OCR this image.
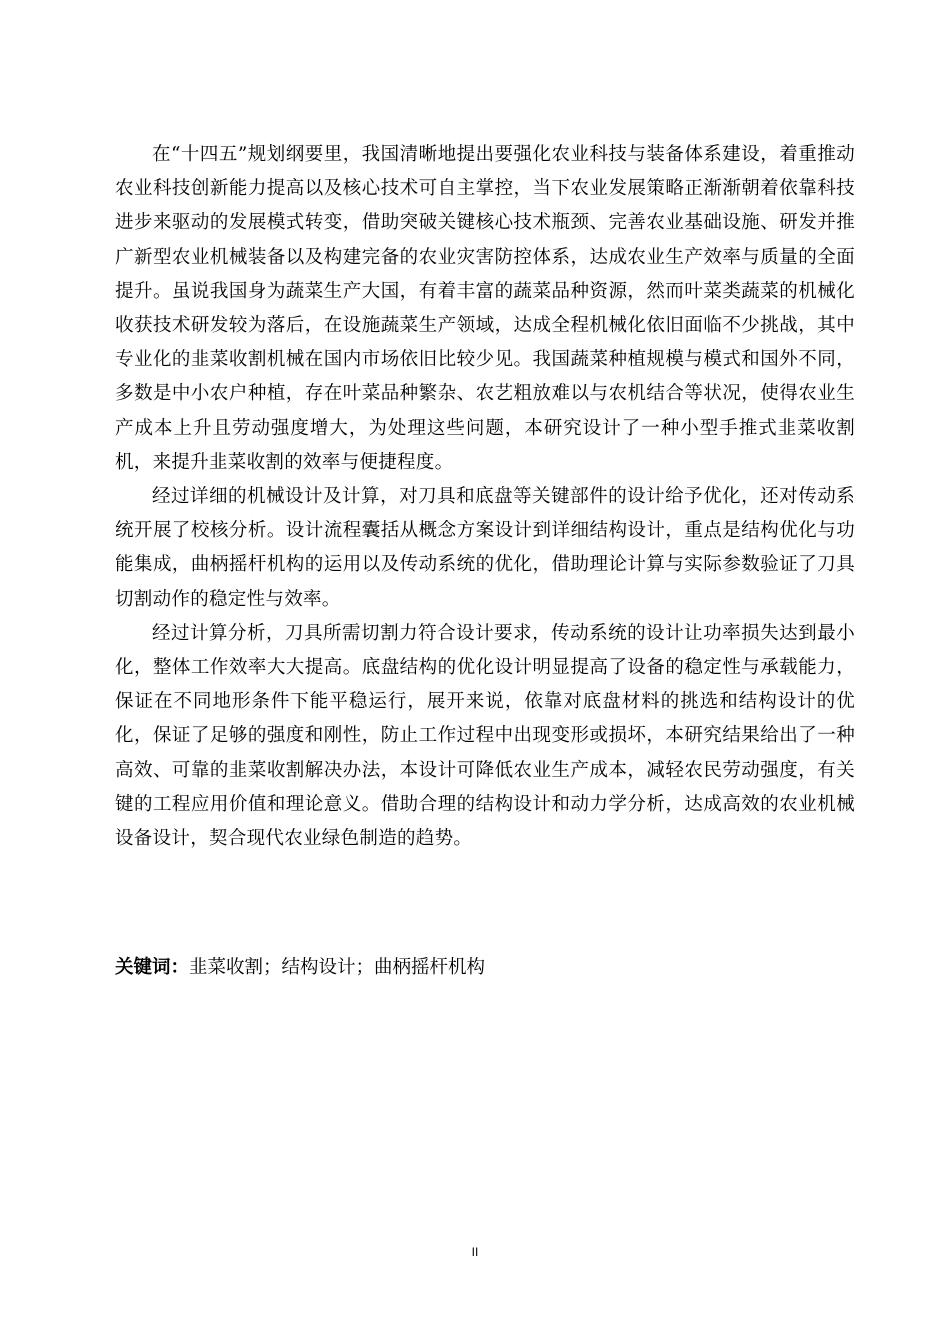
在“十四五”规划纲要里，我国清晰地提出要强化农业科技与装备体系建设，着重推动农业科技创新能力提高以及核心技术可自主掌控，当下农业发展策略正渐渐朝着依靠科技进步来驱动的发展模式转变，借助突破关键核心技术瓶颈、完善农业基础设施、研发并推广新型农业机械装备以及构建完备的农业灾害防控体系，达成农业生产效率与质量的全面提升。虽说我国身为蔬菜生产大国，有着丰富的蔬菜品种资源，然而叶菜类蔬菜的机械化收获技术研发较为落后，在设施蔬菜生产领域，达成全程机械化依旧面临不少挑战，其中专业化的韭菜收割机械在国内市场依旧比较少见。我国蔬菜种植规模与模式和国外不同，多数是中小农户种植，存在叶菜品种繁杂、农艺粗放难以与农机结合等状况，使得农业生产成本上升且劳动强度增大，为处理这些问题，本研究设计了一种小型手推式韭菜收割机，来提升韭菜收割的效率与便捷程度。

经过详细的机械设计及计算，对刀具和底盘等关键部件的设计给予优化，还对传动系统开展了校核分析。设计流程囊括从概念方案设计到详细结构设计，重点是结构优化与功能集成，曲柄摇杆机构的运用以及传动系统的优化，借助理论计算与实际参数验证了刀具切割动作的稳定性与效率。

经过计算分析，刀具所需切割力符合设计要求，传动系统的设计让功率损失达到最小化，整体工作效率大大提高。底盘结构的优化设计明显提高了设备的稳定性与承载能力，保证在不同地形条件下能平稳运行，展开来说，依靠对底盘材料的挑选和结构设计的优化，保证了足够的强度和刚性，防止工作过程中出现变形或损坏，本研究结果给出了一种高效、可靠的韭菜收割解决办法，本设计可降低农业生产成本，减轻农民劳动强度，有关键的工程应用价值和理论意义。借助合理的结构设计和动力学分析，达成高效的农业机械设备设计，契合现代农业绿色制造的趋势。

关键词：韭菜收割；结构设计；曲柄摇杆机构
II
